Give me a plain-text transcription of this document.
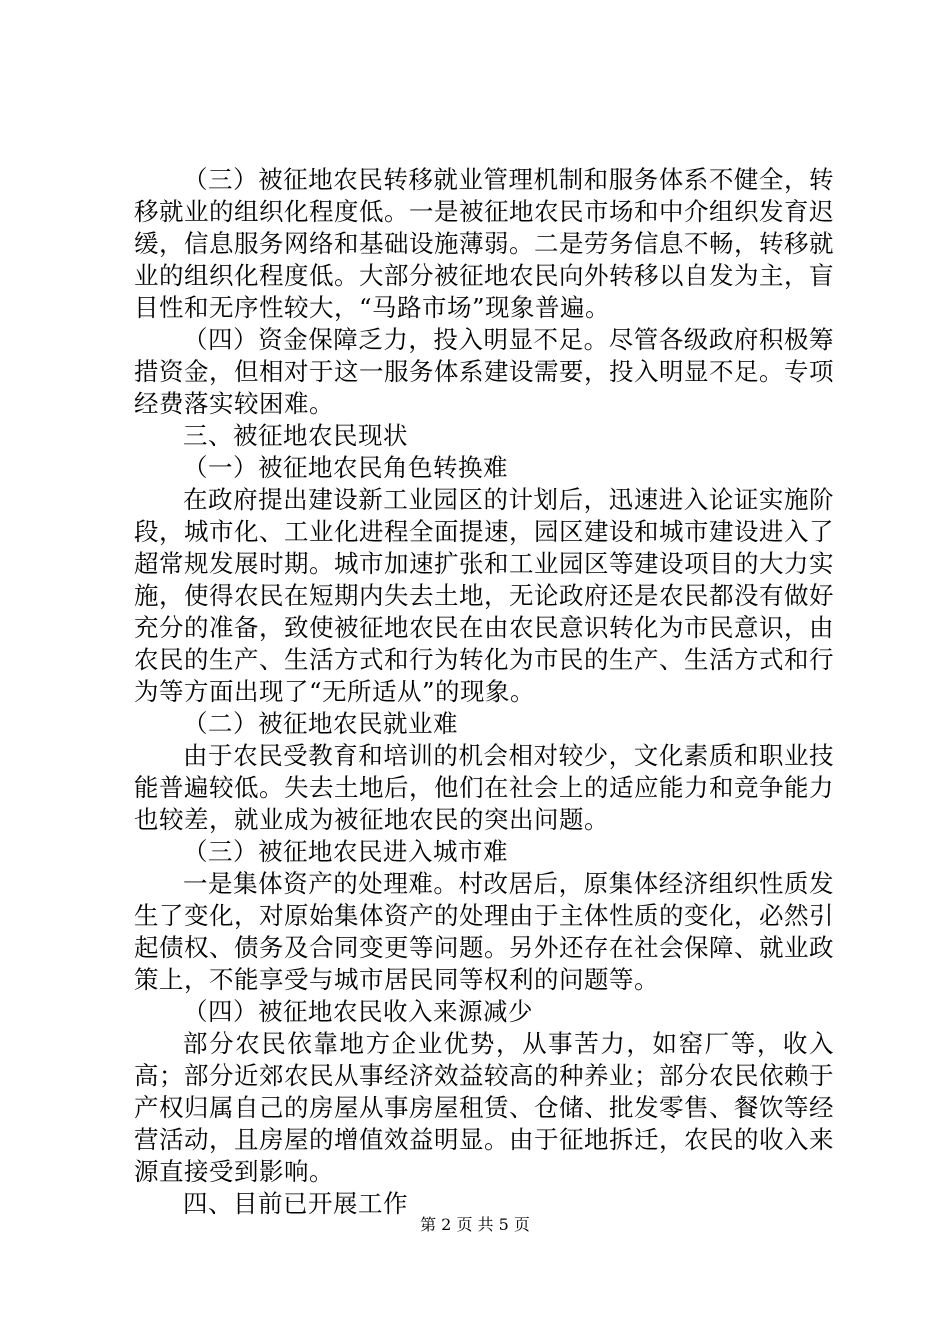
（三）被征地农民转移就业管理机制和服务体系不健全，转移就业的组织化程度低。一是被征地农民市场和中介组织发育迟缓，信息服务网络和基础设施薄弱。二是劳务信息不畅，转移就业的组织化程度低。大部分被征地农民向外转移以自发为主，盲目性和无序性较大，“马路市场”现象普遍。

（四）资金保障乏力，投入明显不足。尽管各级政府积极筹措资金，但相对于这一服务体系建设需要，投入明显不足。专项经费落实较困难。

三、被征地农民现状

（一）被征地农民角色转换难

在政府提出建设新工业园区的计划后，迅速进入论证实施阶段，城市化、工业化进程全面提速，园区建设和城市建设进入了超常规发展时期。城市加速扩张和工业园区等建设项目的大力实施，使得农民在短期内失去土地，无论政府还是农民都没有做好充分的准备，致使被征地农民在由农民意识转化为市民意识，由农民的生产、生活方式和行为转化为市民的生产、生活方式和行为等方面出现了“无所适从”的现象。

（二）被征地农民就业难

由于农民受教育和培训的机会相对较少，文化素质和职业技能普遍较低。失去土地后，他们在社会上的适应能力和竞争能力也较差，就业成为被征地农民的突出问题。

（三）被征地农民进入城市难

一是集体资产的处理难。村改居后，原集体经济组织性质发生了变化，对原始集体资产的处理由于主体性质的变化，必然引起债权、债务及合同变更等问题。另外还存在社会保障、就业政策上，不能享受与城市居民同等权利的问题等。

（四）被征地农民收入来源减少

部分农民依靠地方企业优势，从事苦力，如窑厂等，收入高；部分近郊农民从事经济效益较高的种养业；部分农民依赖于产权归属自己的房屋从事房屋租赁、仓储、批发零售、餐饮等经营活动，且房屋的增值效益明显。由于征地拆迁，农民的收入来源直接受到影响。

四、目前已开展工作

第 2 页 共 5 页
